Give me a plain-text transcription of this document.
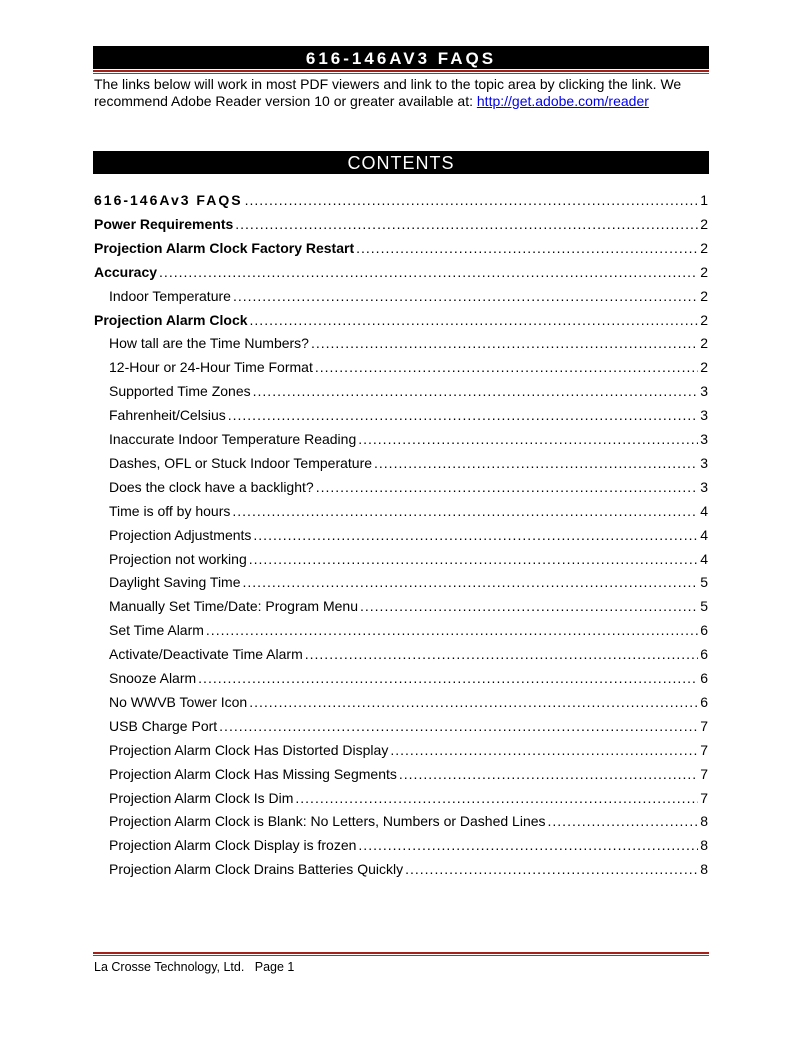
616-146AV3 FAQS
The links below will work in most PDF viewers and link to the topic area by clicking the link. We recommend Adobe Reader version 10 or greater available at: http://get.adobe.com/reader
CONTENTS
616-146Av3 FAQS .....	1
Power Requirements .....	2
Projection Alarm Clock Factory Restart .....	2
Accuracy .....	2
Indoor Temperature .....	2
Projection Alarm Clock .....	2
How tall are the Time Numbers? .....	2
12-Hour or 24-Hour Time Format .....	2
Supported Time Zones .....	3
Fahrenheit/Celsius .....	3
Inaccurate Indoor Temperature Reading .....	3
Dashes, OFL or Stuck Indoor Temperature .....	3
Does the clock have a backlight? .....	3
Time is off by hours .....	4
Projection Adjustments .....	4
Projection not working .....	4
Daylight Saving Time .....	5
Manually Set Time/Date: Program Menu .....	5
Set Time Alarm .....	6
Activate/Deactivate Time Alarm .....	6
Snooze Alarm .....	6
No WWVB Tower Icon .....	6
USB Charge Port .....	7
Projection Alarm Clock Has Distorted Display .....	7
Projection Alarm Clock Has Missing Segments .....	7
Projection Alarm Clock Is Dim .....	7
Projection Alarm Clock is Blank: No Letters, Numbers or Dashed Lines .....	8
Projection Alarm Clock Display is frozen .....	8
Projection Alarm Clock Drains Batteries Quickly .....	8
La Crosse Technology, Ltd. Page 1
